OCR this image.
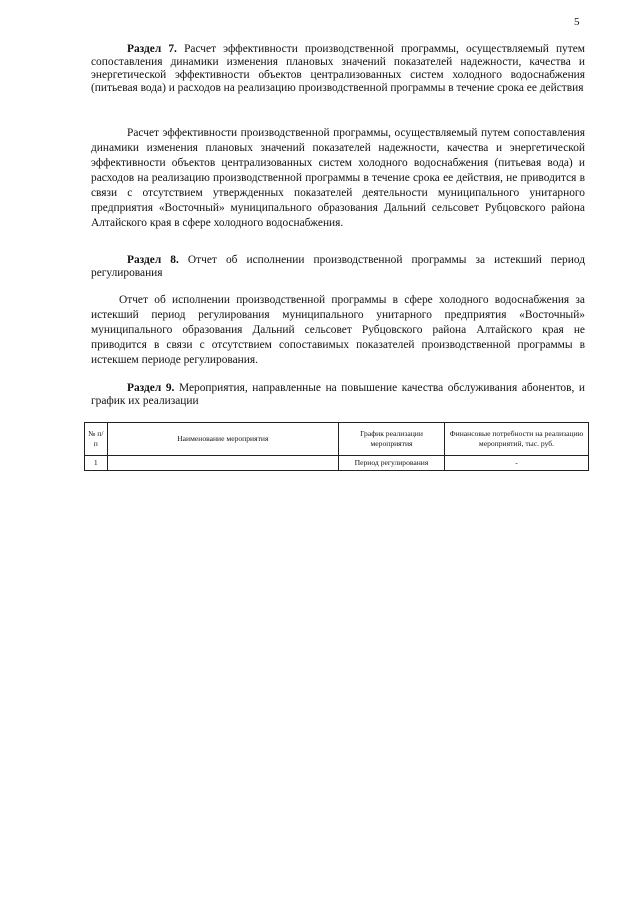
5

Раздел 7. Расчет эффективности производственной программы, осуществляемый путем сопоставления динамики изменения плановых значений показателей надежности, качества и энергетической эффективности объектов централизованных систем холодного водоснабжения (питьевая вода) и расходов на реализацию производственной программы в течение срока ее действия

Расчет эффективности производственной программы, осуществляемый путем сопоставления динамики изменения плановых значений показателей надежности, качества и энергетической эффективности объектов централизованных систем холодного водоснабжения (питьевая вода) и расходов на реализацию производственной программы в течение срока ее действия, не приводится в связи с отсутствием утвержденных показателей деятельности муниципального унитарного предприятия «Восточный» муниципального образования Дальний сельсовет Рубцовского района Алтайского края в сфере холодного водоснабжения.

Раздел 8. Отчет об исполнении производственной программы за истекший период регулирования

Отчет об исполнении производственной программы в сфере холодного водоснабжения за истекший период регулирования муниципального унитарного предприятия «Восточный» муниципального образования Дальний сельсовет Рубцовского района Алтайского края не приводится в связи с отсутствием сопоставимых показателей производственной программы в истекшем периоде регулирования.

Раздел 9. Мероприятия, направленные на повышение качества обслуживания абонентов, и график их реализации

№ п/п	Наименование мероприятия	График реализации мероприятия	Финансовые потребности на реализацию мероприятий, тыс. руб.
1		Период регулирования	-
